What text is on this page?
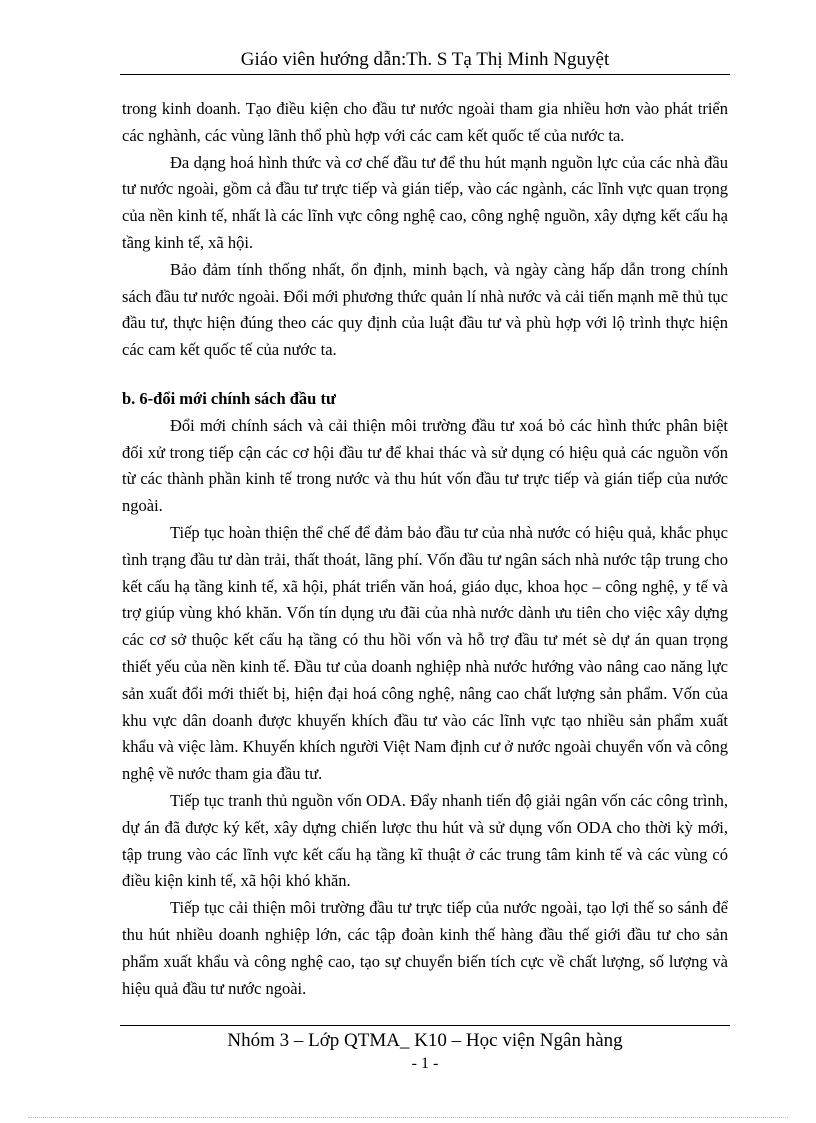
Giáo viên hướng dẫn:Th. S Tạ Thị Minh Nguyệt

trong kinh doanh. Tạo điều kiện cho đầu tư nước ngoài tham gia nhiều hơn vào phát triển các nghành, các vùng lãnh thổ phù hợp với các cam kết quốc tế của nước ta.

Đa dạng hoá hình thức và cơ chế đầu tư để thu hút mạnh nguồn lực của các nhà đầu tư nước ngoài, gồm cả đầu tư trực tiếp và gián tiếp, vào các ngành, các lĩnh vực quan trọng của nền kinh tế, nhất là các lĩnh vực công nghệ cao, công nghệ nguồn, xây dựng kết cấu hạ tầng kinh tế, xã hội.

Bảo đảm tính thống nhất, ổn định, minh bạch, và ngày càng hấp dẫn trong chính sách đầu tư nước ngoài. Đổi mới phương thức quản lí nhà nước và cải tiến mạnh mẽ thủ tục đầu tư, thực hiện đúng theo các quy định của luật đầu tư và phù hợp với lộ trình thực hiện các cam kết quốc tế của nước ta.

b. 6-đổi mới chính sách đầu tư

Đổi mới chính sách và cải thiện môi trường đầu tư xoá bỏ các hình thức phân biệt đối xử trong tiếp cận các cơ hội đầu tư để khai thác và sử dụng có hiệu quả các nguồn vốn từ các thành phần kinh tế trong nước và thu hút vốn đầu tư trực tiếp và gián tiếp của nước ngoài.

Tiếp tục hoàn thiện thể chế để đảm bảo đầu tư của nhà nước có hiệu quả, khắc phục tình trạng đầu tư dàn trải, thất thoát, lãng phí. Vốn đầu tư ngân sách nhà nước tập trung cho kết cấu hạ tầng kinh tế, xã hội, phát triển văn hoá, giáo dục, khoa học – công nghệ, y tế và trợ giúp vùng khó khăn. Vốn tín dụng ưu đãi của nhà nước dành ưu tiên cho việc xây dựng các cơ sở thuộc kết cấu hạ tầng có thu hồi vốn và hỗ trợ đầu tư mét sè dự án quan trọng thiết yếu của nền kinh tế. Đầu tư của doanh nghiệp nhà nước hướng vào nâng cao năng lực sản xuất đổi mới thiết bị, hiện đại hoá công nghệ, nâng cao chất lượng sản phẩm. Vốn của khu vực dân doanh được khuyến khích đầu tư vào các lĩnh vực tạo nhiều sản phẩm xuất khẩu và việc làm. Khuyến khích người Việt Nam định cư ở nước ngoài chuyển vốn và công nghệ về nước tham gia đầu tư.

Tiếp tục tranh thủ nguồn vốn ODA. Đẩy nhanh tiến độ giải ngân vốn các công trình, dự án đã được ký kết, xây dựng chiến lược thu hút và sử dụng vốn ODA cho thời kỳ mới, tập trung vào các lĩnh vực kết cấu hạ tầng kĩ thuật ở các trung tâm kinh tế và các vùng có điều kiện kinh tế, xã hội khó khăn.

Tiếp tục cải thiện môi trường đầu tư trực tiếp của nước ngoài, tạo lợi thế so sánh để thu hút nhiều doanh nghiệp lớn, các tập đoàn kinh thế hàng đầu thế giới đầu tư cho sản phẩm xuất khẩu và công nghệ cao, tạo sự chuyển biến tích cực về chất lượng, số lượng và hiệu quả đầu tư nước ngoài.

Nhóm 3 – Lớp QTMA_ K10 – Học viện Ngân hàng
- 1 -
